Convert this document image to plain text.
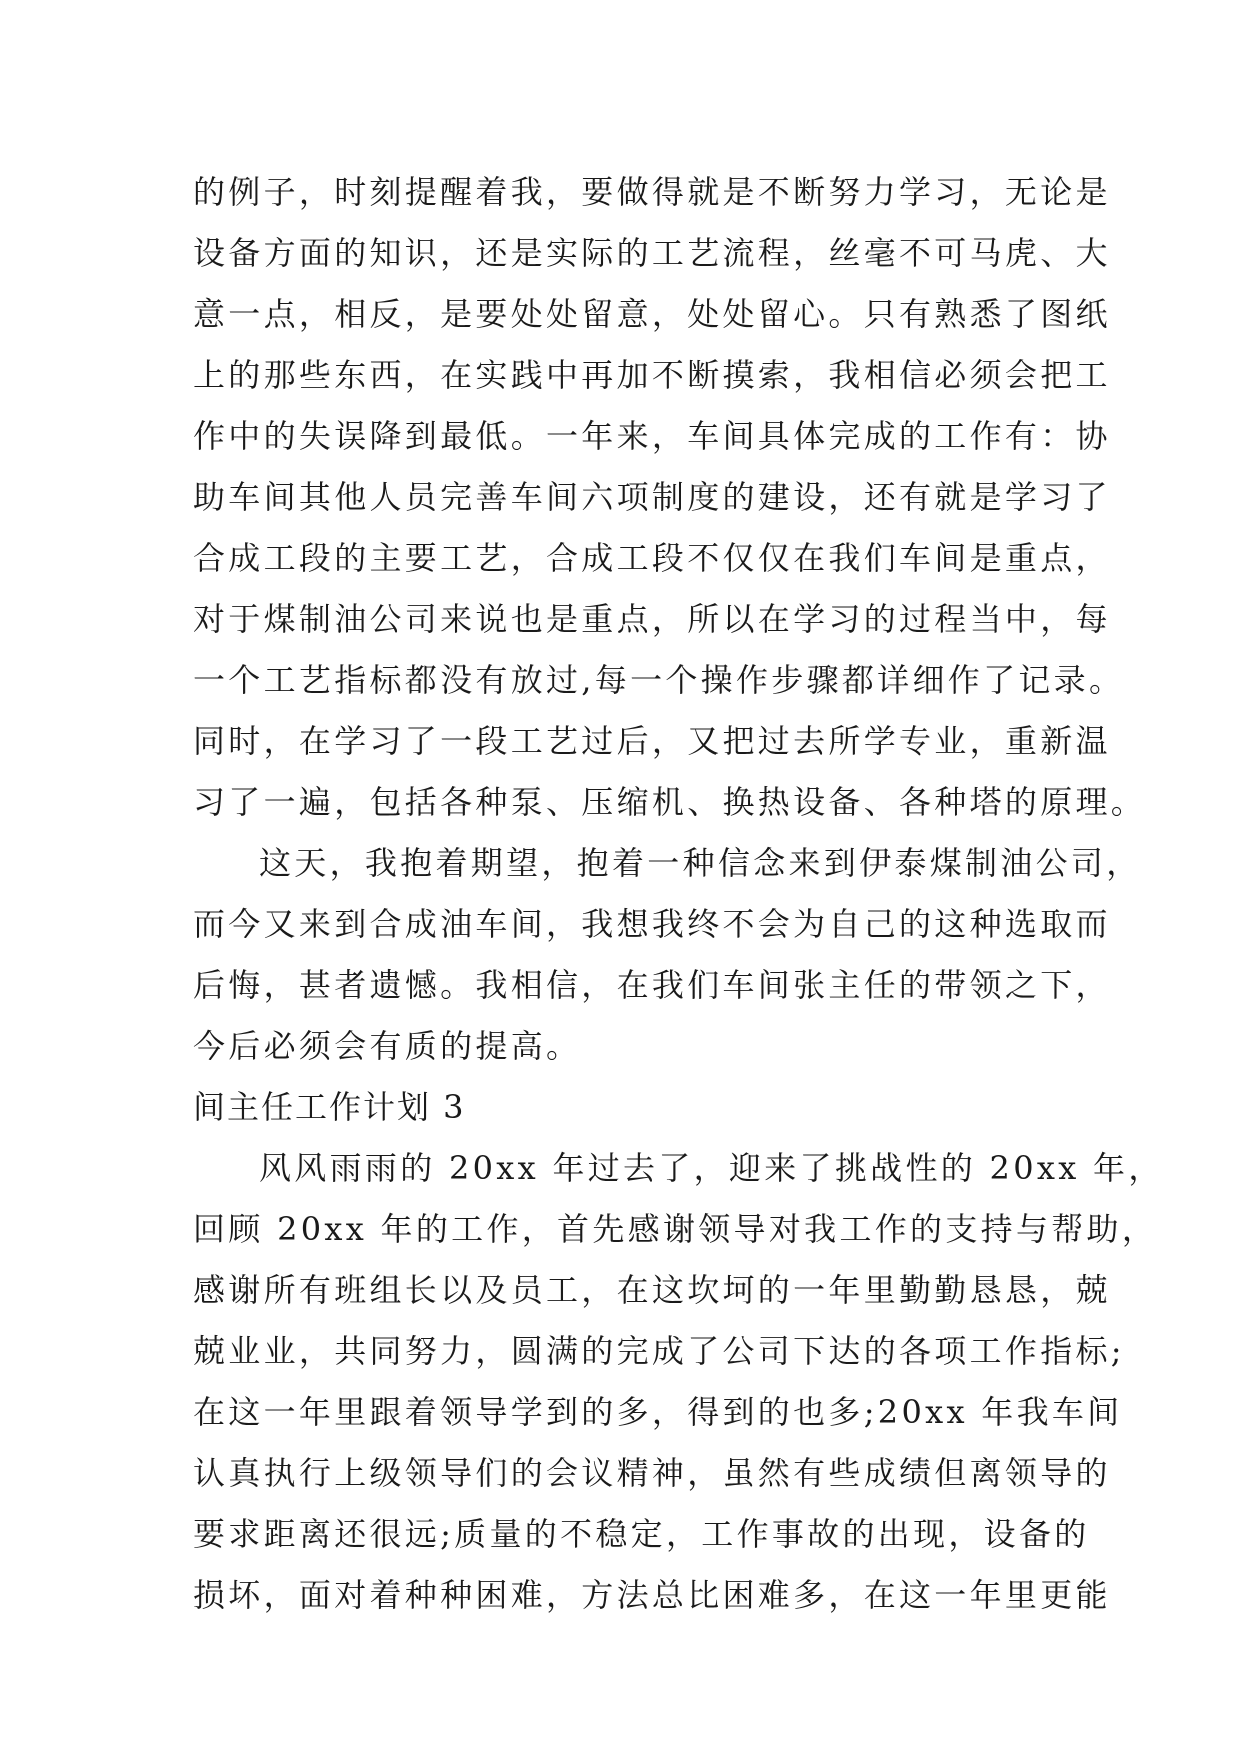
的例子，时刻提醒着我，要做得就是不断努力学习，无论是
设备方面的知识，还是实际的工艺流程，丝毫不可马虎、大
意一点，相反，是要处处留意，处处留心。只有熟悉了图纸
上的那些东西，在实践中再加不断摸索，我相信必须会把工
作中的失误降到最低。一年来，车间具体完成的工作有：协
助车间其他人员完善车间六项制度的建设，还有就是学习了
合成工段的主要工艺，合成工段不仅仅在我们车间是重点，
对于煤制油公司来说也是重点，所以在学习的过程当中，每
一个工艺指标都没有放过,每一个操作步骤都详细作了记录。
同时，在学习了一段工艺过后，又把过去所学专业，重新温
习了一遍，包括各种泵、压缩机、换热设备、各种塔的原理。
这天，我抱着期望，抱着一种信念来到伊泰煤制油公司，
而今又来到合成油车间，我想我终不会为自己的这种选取而
后悔，甚者遗憾。我相信，在我们车间张主任的带领之下，
今后必须会有质的提高。
间主任工作计划 3
风风雨雨的 20xx 年过去了，迎来了挑战性的 20xx 年，
回顾 20xx 年的工作，首先感谢领导对我工作的支持与帮助，
感谢所有班组长以及员工，在这坎坷的一年里勤勤恳恳，兢
兢业业，共同努力，圆满的完成了公司下达的各项工作指标;
在这一年里跟着领导学到的多，得到的也多;20xx 年我车间
认真执行上级领导们的会议精神，虽然有些成绩但离领导的
要求距离还很远;质量的不稳定，工作事故的出现，设备的
损坏，面对着种种困难，方法总比困难多，在这一年里更能
